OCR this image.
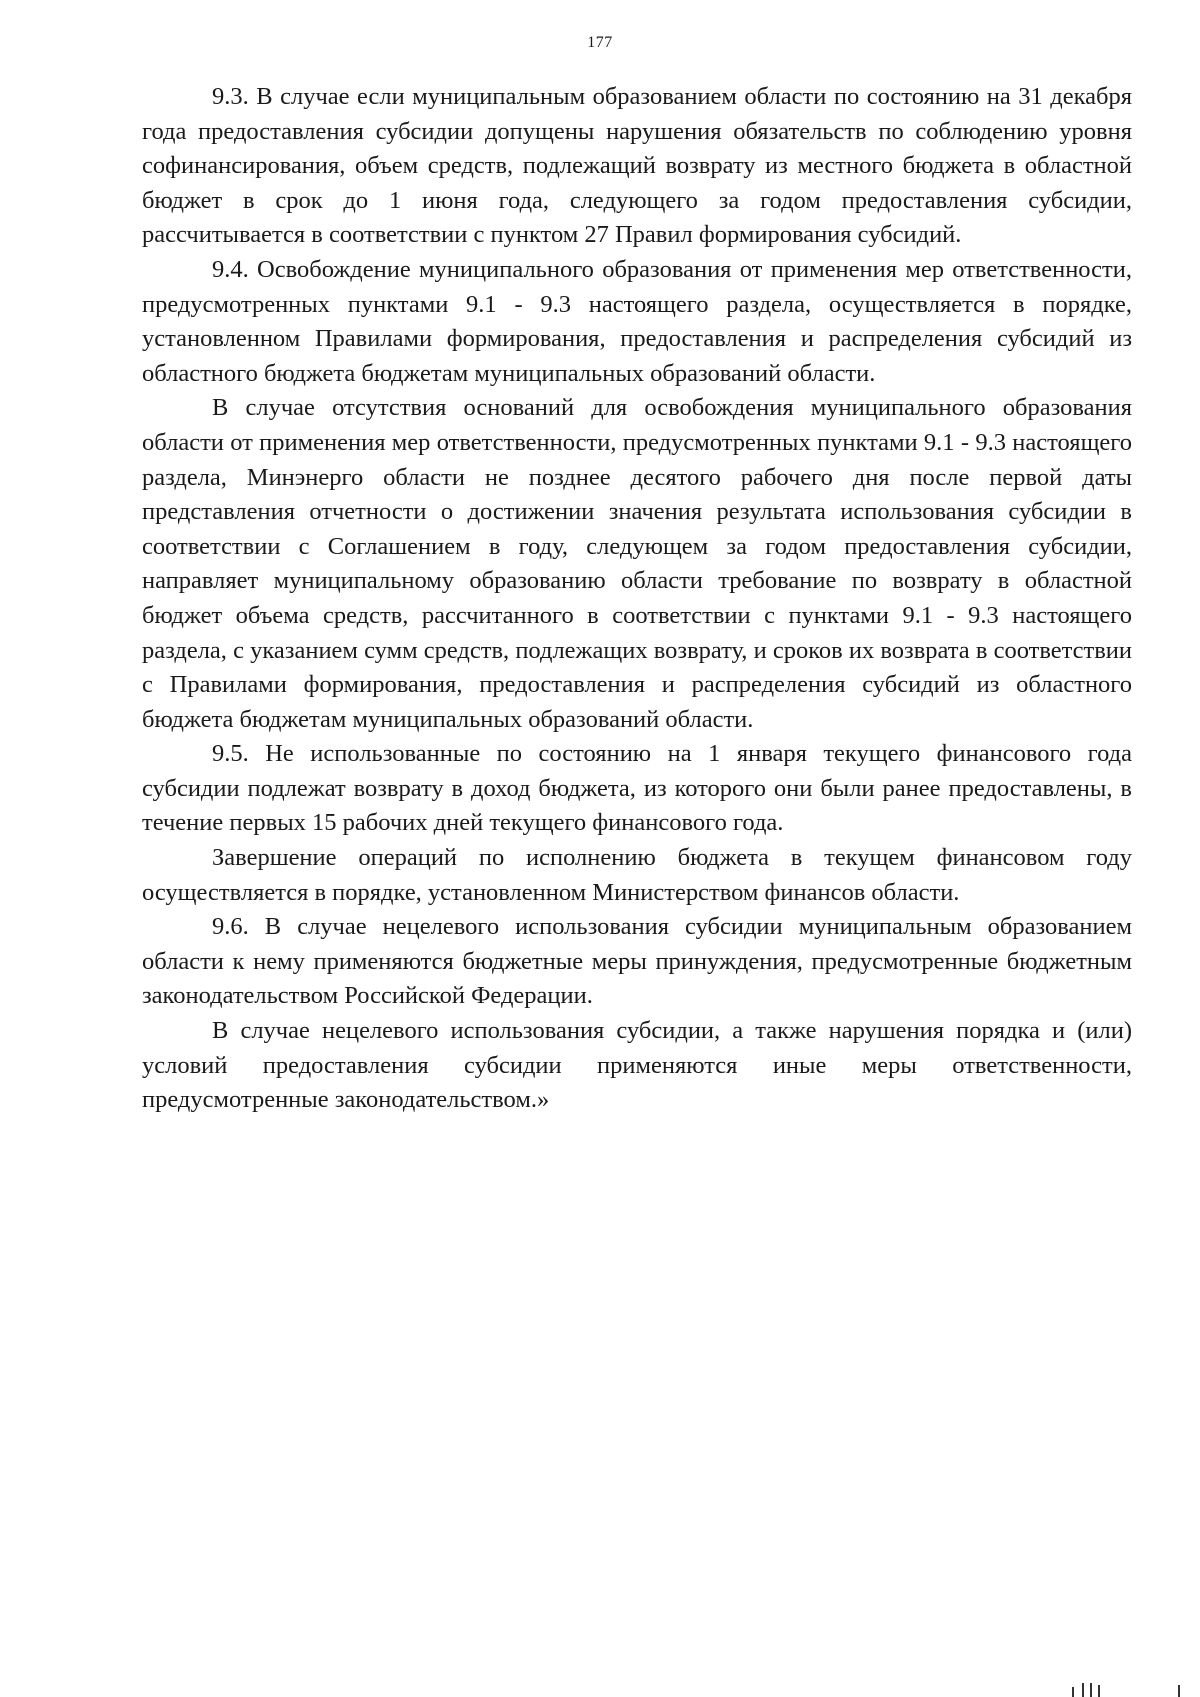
177

9.3. В случае если муниципальным образованием области по состоянию на 31 декабря года предоставления субсидии допущены нарушения обязательств по соблюдению уровня софинансирования, объем средств, подлежащий возврату из местного бюджета в областной бюджет в срок до 1 июня года, следующего за годом предоставления субсидии, рассчитывается в соответствии с пунктом 27 Правил формирования субсидий.

9.4. Освобождение муниципального образования от применения мер ответственности, предусмотренных пунктами 9.1 - 9.3 настоящего раздела, осуществляется в порядке, установленном Правилами формирования, предоставления и распределения субсидий из областного бюджета бюджетам муниципальных образований области.

В случае отсутствия оснований для освобождения муниципального образования области от применения мер ответственности, предусмотренных пунктами 9.1 - 9.3 настоящего раздела, Минэнерго области не позднее десятого рабочего дня после первой даты представления отчетности о достижении значения результата использования субсидии в соответствии с Соглашением в году, следующем за годом предоставления субсидии, направляет муниципальному образованию области требование по возврату в областной бюджет объема средств, рассчитанного в соответствии с пунктами 9.1 - 9.3 настоящего раздела, с указанием сумм средств, подлежащих возврату, и сроков их возврата в соответствии с Правилами формирования, предоставления и распределения субсидий из областного бюджета бюджетам муниципальных образований области.

9.5. Не использованные по состоянию на 1 января текущего финансового года субсидии подлежат возврату в доход бюджета, из которого они были ранее предоставлены, в течение первых 15 рабочих дней текущего финансового года.

Завершение операций по исполнению бюджета в текущем финансовом году осуществляется в порядке, установленном Министерством финансов области.

9.6. В случае нецелевого использования субсидии муниципальным образованием области к нему применяются бюджетные меры принуждения, предусмотренные бюджетным законодательством Российской Федерации.

В случае нецелевого использования субсидии, а также нарушения порядка и (или) условий предоставления субсидии применяются иные меры ответственности, предусмотренные законодательством.»
